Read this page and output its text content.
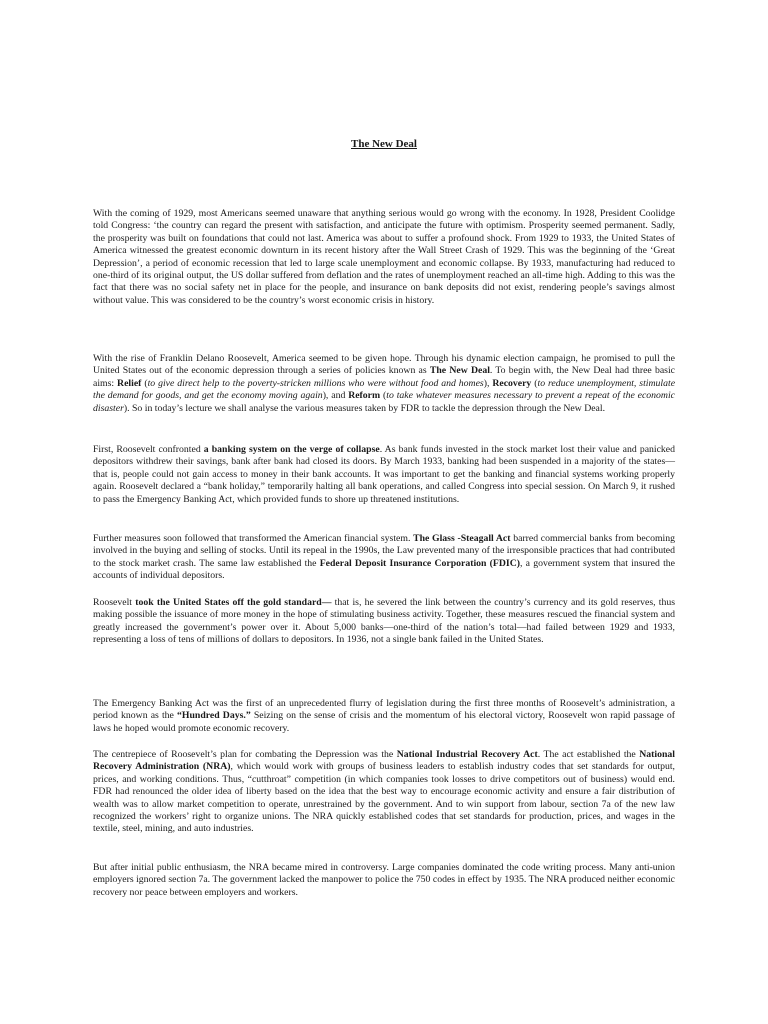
The New Deal

With the coming of 1929, most Americans seemed unaware that anything serious would go wrong with the economy. In 1928, President Coolidge told Congress: ‘the country can regard the present with satisfaction, and anticipate the future with optimism. Prosperity seemed permanent. Sadly, the prosperity was built on foundations that could not last. America was about to suffer a profound shock. From 1929 to 1933, the United States of America witnessed the greatest economic downturn in its recent history after the Wall Street Crash of 1929. This was the beginning of the ‘Great Depression’, a period of economic recession that led to large scale unemployment and economic collapse. By 1933, manufacturing had reduced to one-third of its original output, the US dollar suffered from deflation and the rates of unemployment reached an all-time high. Adding to this was the fact that there was no social safety net in place for the people, and insurance on bank deposits did not exist, rendering people’s savings almost without value. This was considered to be the country’s worst economic crisis in history.

With the rise of Franklin Delano Roosevelt, America seemed to be given hope. Through his dynamic election campaign, he promised to pull the United States out of the economic depression through a series of policies known as The New Deal. To begin with, the New Deal had three basic aims: Relief (to give direct help to the poverty-stricken millions who were without food and homes), Recovery (to reduce unemployment, stimulate the demand for goods, and get the economy moving again), and Reform (to take whatever measures necessary to prevent a repeat of the economic disaster). So in today’s lecture we shall analyse the various measures taken by FDR to tackle the depression through the New Deal.

First, Roosevelt confronted a banking system on the verge of collapse. As bank funds invested in the stock market lost their value and panicked depositors withdrew their savings, bank after bank had closed its doors. By March 1933, banking had been suspended in a majority of the states—that is, people could not gain access to money in their bank accounts. It was important to get the banking and financial systems working properly again. Roosevelt declared a “bank holiday,” temporarily halting all bank operations, and called Congress into special session. On March 9, it rushed to pass the Emergency Banking Act, which provided funds to shore up threatened institutions.

Further measures soon followed that transformed the American financial system. The Glass -Steagall Act barred commercial banks from becoming involved in the buying and selling of stocks. Until its repeal in the 1990s, the Law prevented many of the irresponsible practices that had contributed to the stock market crash. The same law established the Federal Deposit Insurance Corporation (FDIC), a government system that insured the accounts of individual depositors.

Roosevelt took the United States off the gold standard— that is, he severed the link between the country’s currency and its gold reserves, thus making possible the issuance of more money in the hope of stimulating business activity. Together, these measures rescued the financial system and greatly increased the government’s power over it. About 5,000 banks—one-third of the nation’s total—had failed between 1929 and 1933, representing a loss of tens of millions of dollars to depositors. In 1936, not a single bank failed in the United States.

The Emergency Banking Act was the first of an unprecedented flurry of legislation during the first three months of Roosevelt’s administration, a period known as the “Hundred Days.” Seizing on the sense of crisis and the momentum of his electoral victory, Roosevelt won rapid passage of laws he hoped would promote economic recovery.

The centrepiece of Roosevelt’s plan for combating the Depression was the National Industrial Recovery Act. The act established the National Recovery Administration (NRA), which would work with groups of business leaders to establish industry codes that set standards for output, prices, and working conditions. Thus, “cutthroat” competition (in which companies took losses to drive competitors out of business) would end. FDR had renounced the older idea of liberty based on the idea that the best way to encourage economic activity and ensure a fair distribution of wealth was to allow market competition to operate, unrestrained by the government. And to win support from labour, section 7a of the new law recognized the workers’ right to organize unions. The NRA quickly established codes that set standards for production, prices, and wages in the textile, steel, mining, and auto industries.

But after initial public enthusiasm, the NRA became mired in controversy. Large companies dominated the code writing process. Many anti-union employers ignored section 7a. The government lacked the manpower to police the 750 codes in effect by 1935. The NRA produced neither economic recovery nor peace between employers and workers.
